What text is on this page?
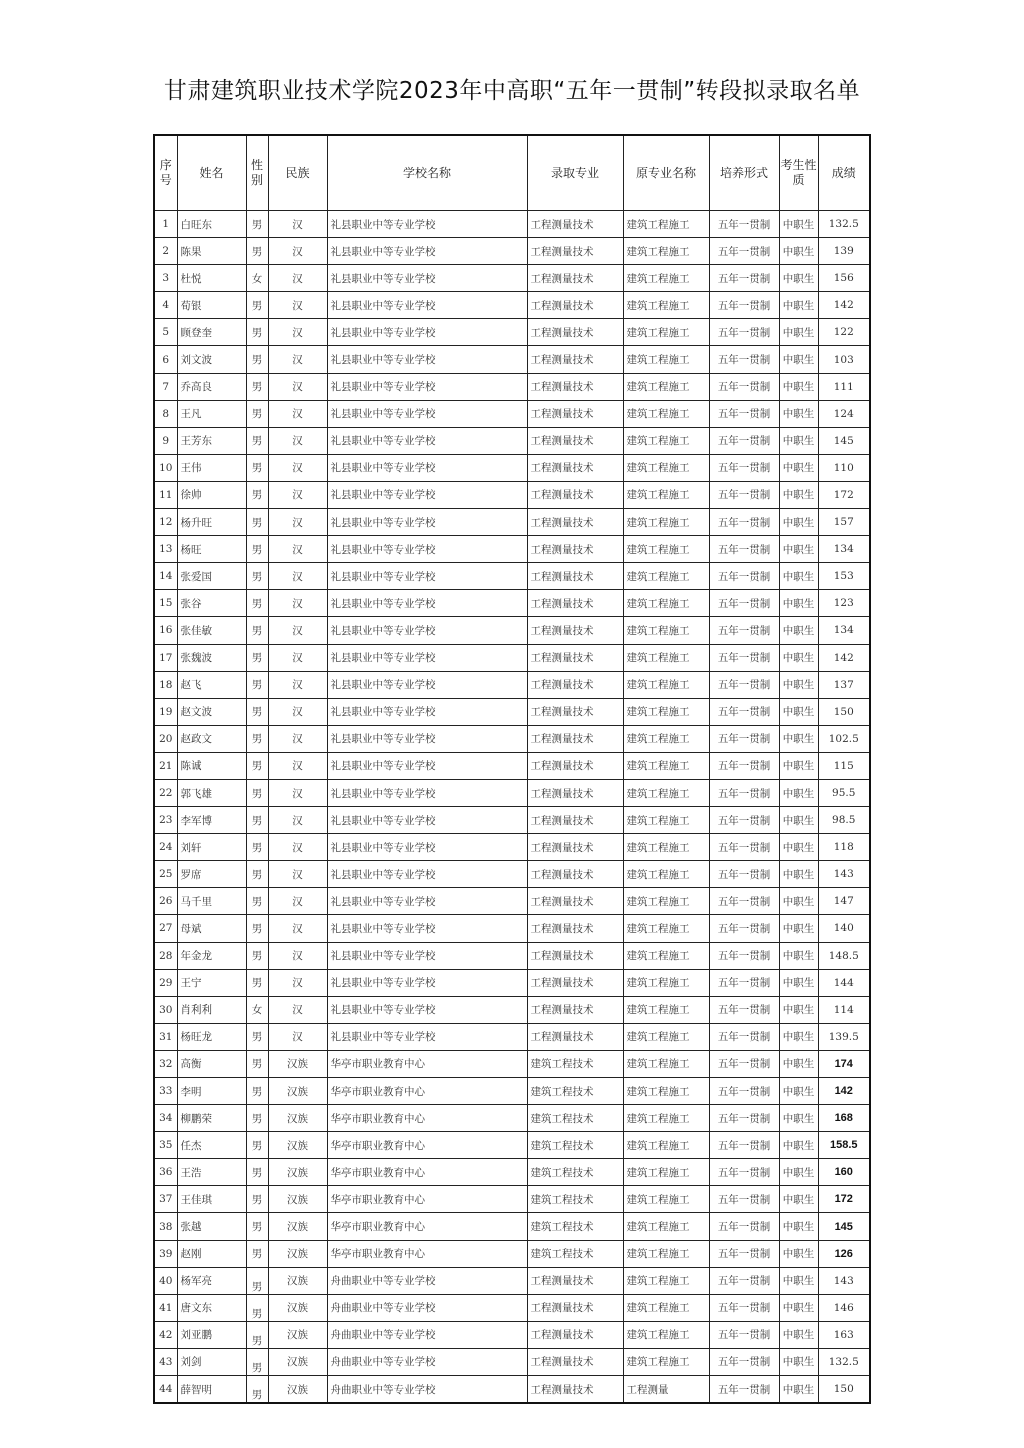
甘肃建筑职业技术学院2023年中高职“五年一贯制”转段拟录取名单
序号	姓名	性别	民族	学校名称	录取专业	原专业名称	培养形式	考生性质	成绩
1	白旺东	男	汉	礼县职业中等专业学校	工程测量技术	建筑工程施工	五年一贯制	中职生	132.5
2	陈果	男	汉	礼县职业中等专业学校	工程测量技术	建筑工程施工	五年一贯制	中职生	139
3	杜悦	女	汉	礼县职业中等专业学校	工程测量技术	建筑工程施工	五年一贯制	中职生	156
4	荀银	男	汉	礼县职业中等专业学校	工程测量技术	建筑工程施工	五年一贯制	中职生	142
5	顾登奎	男	汉	礼县职业中等专业学校	工程测量技术	建筑工程施工	五年一贯制	中职生	122
6	刘文波	男	汉	礼县职业中等专业学校	工程测量技术	建筑工程施工	五年一贯制	中职生	103
7	乔高良	男	汉	礼县职业中等专业学校	工程测量技术	建筑工程施工	五年一贯制	中职生	111
8	王凡	男	汉	礼县职业中等专业学校	工程测量技术	建筑工程施工	五年一贯制	中职生	124
9	王芳东	男	汉	礼县职业中等专业学校	工程测量技术	建筑工程施工	五年一贯制	中职生	145
10	王伟	男	汉	礼县职业中等专业学校	工程测量技术	建筑工程施工	五年一贯制	中职生	110
11	徐帅	男	汉	礼县职业中等专业学校	工程测量技术	建筑工程施工	五年一贯制	中职生	172
12	杨升旺	男	汉	礼县职业中等专业学校	工程测量技术	建筑工程施工	五年一贯制	中职生	157
13	杨旺	男	汉	礼县职业中等专业学校	工程测量技术	建筑工程施工	五年一贯制	中职生	134
14	张爱国	男	汉	礼县职业中等专业学校	工程测量技术	建筑工程施工	五年一贯制	中职生	153
15	张谷	男	汉	礼县职业中等专业学校	工程测量技术	建筑工程施工	五年一贯制	中职生	123
16	张佳敏	男	汉	礼县职业中等专业学校	工程测量技术	建筑工程施工	五年一贯制	中职生	134
17	张魏波	男	汉	礼县职业中等专业学校	工程测量技术	建筑工程施工	五年一贯制	中职生	142
18	赵飞	男	汉	礼县职业中等专业学校	工程测量技术	建筑工程施工	五年一贯制	中职生	137
19	赵文波	男	汉	礼县职业中等专业学校	工程测量技术	建筑工程施工	五年一贯制	中职生	150
20	赵政文	男	汉	礼县职业中等专业学校	工程测量技术	建筑工程施工	五年一贯制	中职生	102.5
21	陈诚	男	汉	礼县职业中等专业学校	工程测量技术	建筑工程施工	五年一贯制	中职生	115
22	郭飞雄	男	汉	礼县职业中等专业学校	工程测量技术	建筑工程施工	五年一贯制	中职生	95.5
23	李军博	男	汉	礼县职业中等专业学校	工程测量技术	建筑工程施工	五年一贯制	中职生	98.5
24	刘轩	男	汉	礼县职业中等专业学校	工程测量技术	建筑工程施工	五年一贯制	中职生	118
25	罗席	男	汉	礼县职业中等专业学校	工程测量技术	建筑工程施工	五年一贯制	中职生	143
26	马千里	男	汉	礼县职业中等专业学校	工程测量技术	建筑工程施工	五年一贯制	中职生	147
27	母斌	男	汉	礼县职业中等专业学校	工程测量技术	建筑工程施工	五年一贯制	中职生	140
28	年金龙	男	汉	礼县职业中等专业学校	工程测量技术	建筑工程施工	五年一贯制	中职生	148.5
29	王宁	男	汉	礼县职业中等专业学校	工程测量技术	建筑工程施工	五年一贯制	中职生	144
30	肖利利	女	汉	礼县职业中等专业学校	工程测量技术	建筑工程施工	五年一贯制	中职生	114
31	杨旺龙	男	汉	礼县职业中等专业学校	工程测量技术	建筑工程施工	五年一贯制	中职生	139.5
32	高衡	男	汉族	华亭市职业教育中心	建筑工程技术	建筑工程施工	五年一贯制	中职生	174
33	李明	男	汉族	华亭市职业教育中心	建筑工程技术	建筑工程施工	五年一贯制	中职生	142
34	柳鹏荣	男	汉族	华亭市职业教育中心	建筑工程技术	建筑工程施工	五年一贯制	中职生	168
35	任杰	男	汉族	华亭市职业教育中心	建筑工程技术	建筑工程施工	五年一贯制	中职生	158.5
36	王浩	男	汉族	华亭市职业教育中心	建筑工程技术	建筑工程施工	五年一贯制	中职生	160
37	王佳琪	男	汉族	华亭市职业教育中心	建筑工程技术	建筑工程施工	五年一贯制	中职生	172
38	张越	男	汉族	华亭市职业教育中心	建筑工程技术	建筑工程施工	五年一贯制	中职生	145
39	赵刚	男	汉族	华亭市职业教育中心	建筑工程技术	建筑工程施工	五年一贯制	中职生	126
40	杨军亮	男	汉族	舟曲职业中等专业学校	工程测量技术	建筑工程施工	五年一贯制	中职生	143
41	唐文东	男	汉族	舟曲职业中等专业学校	工程测量技术	建筑工程施工	五年一贯制	中职生	146
42	刘亚鹏	男	汉族	舟曲职业中等专业学校	工程测量技术	建筑工程施工	五年一贯制	中职生	163
43	刘剑	男	汉族	舟曲职业中等专业学校	工程测量技术	建筑工程施工	五年一贯制	中职生	132.5
44	薛智明	男	汉族	舟曲职业中等专业学校	工程测量技术	工程测量	五年一贯制	中职生	150
